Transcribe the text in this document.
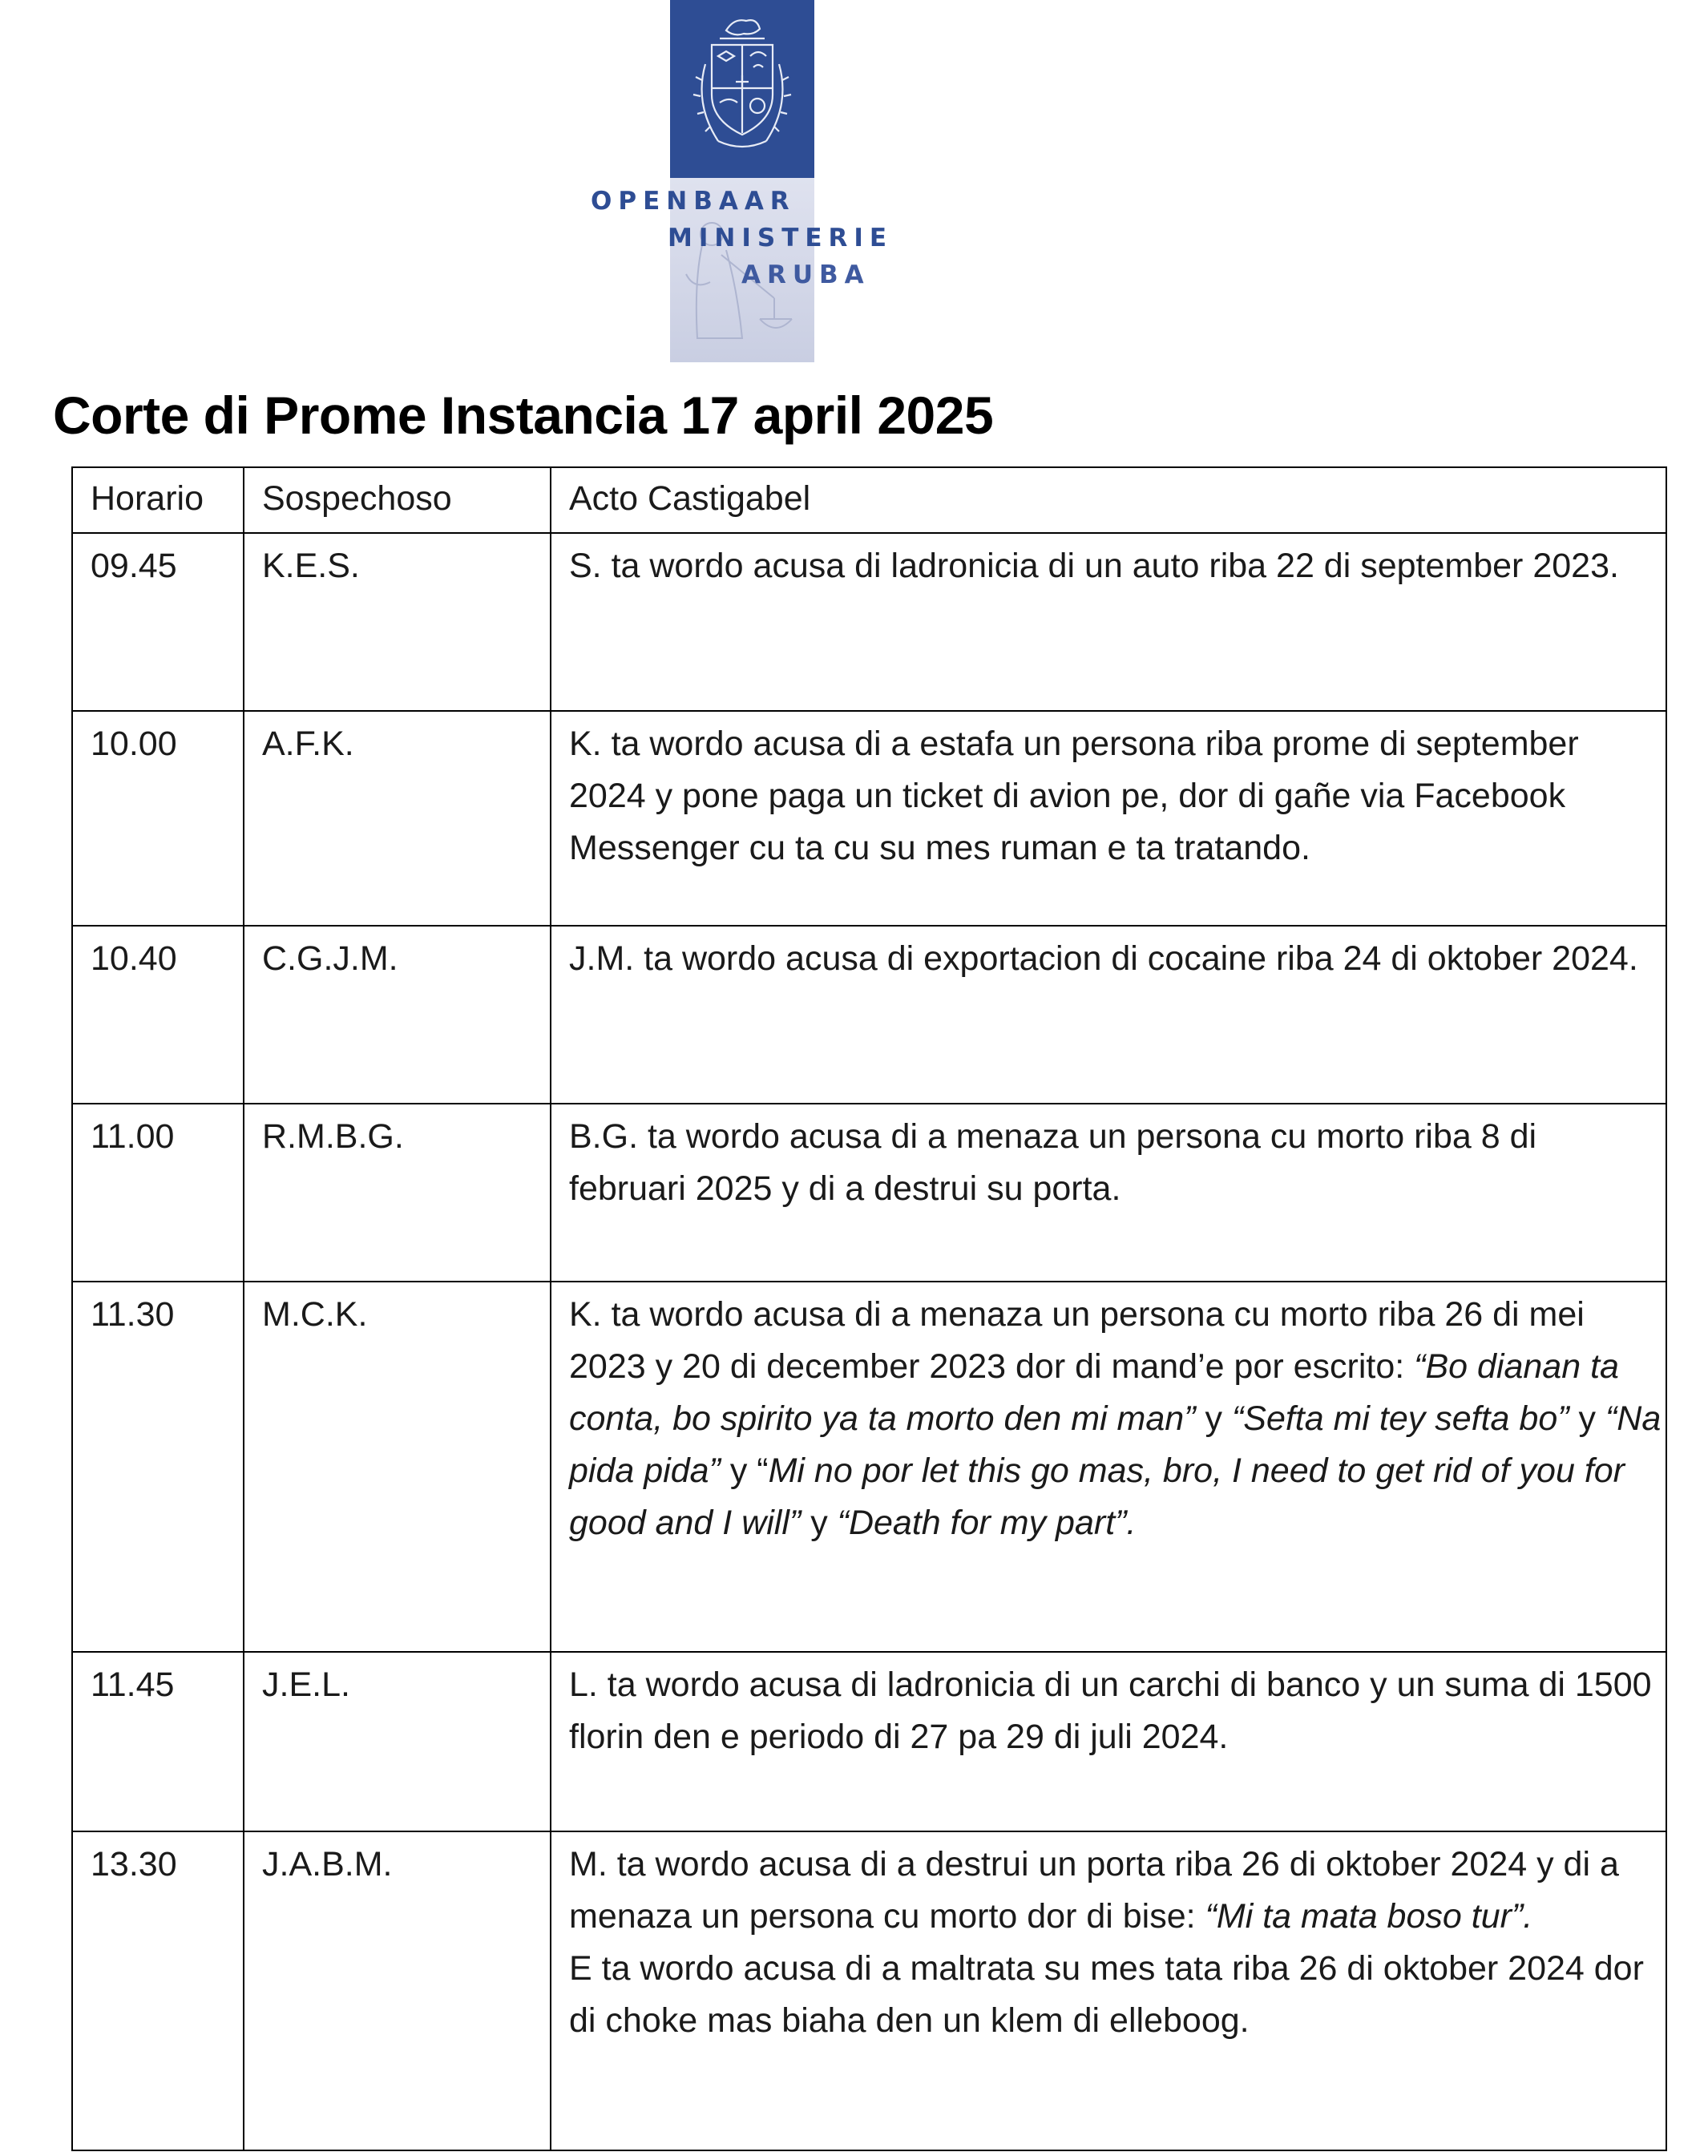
OPENBAAR
MINISTERIE
ARUBA
Corte di Prome Instancia 17 april 2025
Horario	Sospechoso	Acto Castigabel
09.45	K.E.S.	S. ta wordo acusa di ladronicia di un auto riba 22 di september 2023.
10.00	A.F.K.	K. ta wordo acusa di a estafa un persona riba prome di september 2024 y pone paga un ticket di avion pe, dor di gañe via Facebook Messenger cu ta cu su mes ruman e ta tratando.
10.40	C.G.J.M.	J.M. ta wordo acusa di exportacion di cocaine riba 24 di oktober 2024.
11.00	R.M.B.G.	B.G. ta wordo acusa di a menaza un persona cu morto riba 8 di februari 2025 y di a destrui su porta.
11.30	M.C.K.	K. ta wordo acusa di a menaza un persona cu morto riba 26 di mei 2023 y 20 di december 2023 dor di mand’e por escrito: “Bo dianan ta conta, bo spirito ya ta morto den mi man” y “Sefta mi tey sefta bo” y “Na pida pida” y “Mi no por let this go mas, bro, I need to get rid of you for good and I will” y “Death for my part”.
11.45	J.E.L.	L. ta wordo acusa di ladronicia di un carchi di banco y un suma di 1500 florin den e periodo di 27 pa 29 di juli 2024.
13.30	J.A.B.M.	M. ta wordo acusa di a destrui un porta riba 26 di oktober 2024 y di a menaza un persona cu morto dor di bise: “Mi ta mata boso tur”.

E ta wordo acusa di a maltrata su mes tata riba 26 di oktober 2024 dor di choke mas biaha den un klem di elleboog.
